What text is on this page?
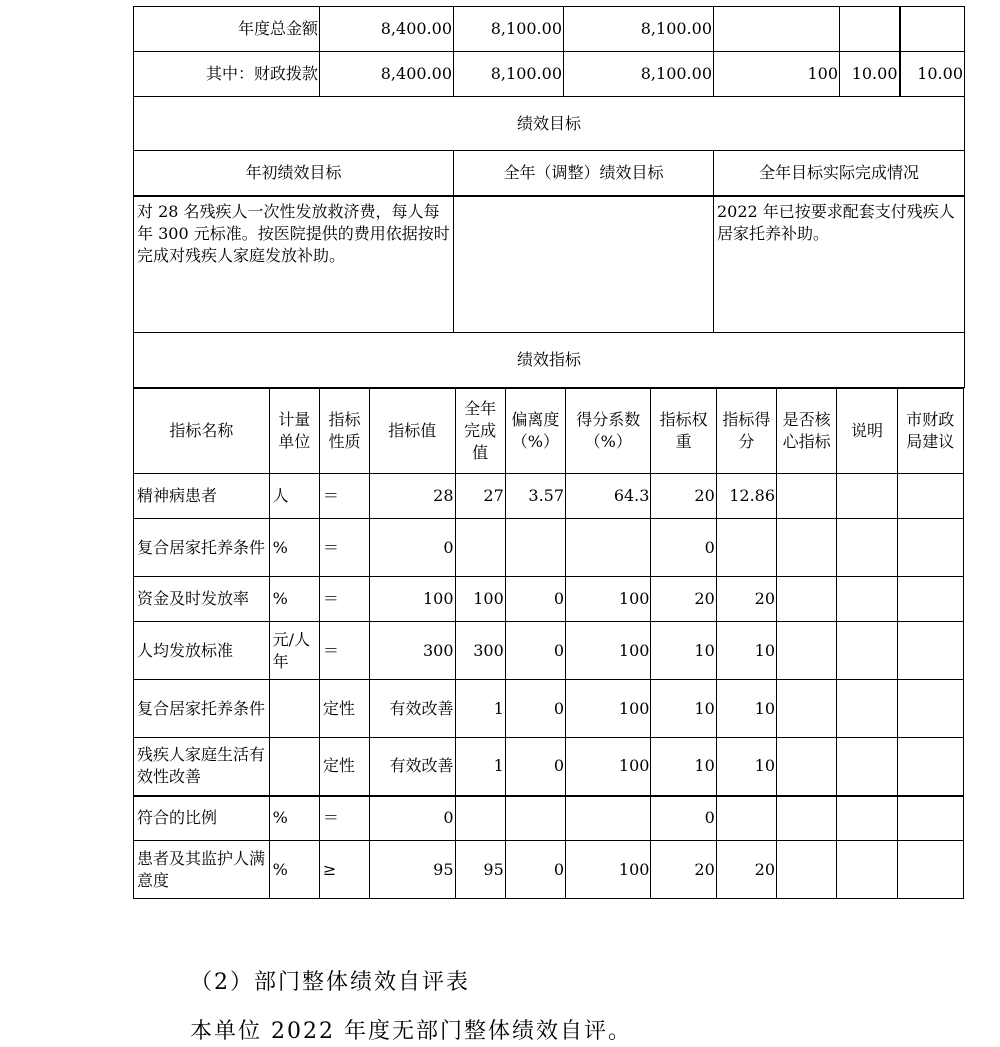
年度总金额	8,400.00	8,100.00	8,100.00			
其中：财政拨款	8,400.00	8,100.00	8,100.00	100	10.00	10.00
绩效目标						
年初绩效目标		全年（调整）绩效目标		全年目标实际完成情况		
对 28 名残疾人一次性发放救济费，每人每年 300 元标准。按医院提供的费用依据按时完成对残疾人家庭发放补助。				2022 年已按要求配套支付残疾人居家托养补助。		
绩效指标						
指标名称	计量单位	指标性质	指标值	全年完成值	偏离度（%）	得分系数（%）	指标权重	指标得分	是否核心指标	说明	市财政局建议
精神病患者	人	＝	28	27	3.57	64.3	20	12.86			
复合居家托养条件	%	＝	0				0				
资金及时发放率	%	＝	100	100	0	100	20	20			
人均发放标准	元/人年	＝	300	300	0	100	10	10			
复合居家托养条件		定性	有效改善	1	0	100	10	10			
残疾人家庭生活有效性改善		定性	有效改善	1	0	100	10	10			
符合的比例	%	＝	0				0				
患者及其监护人满意度	%	≥	95	95	0	100	20	20			
（2）部门整体绩效自评表
本单位 2022 年度无部门整体绩效自评。
